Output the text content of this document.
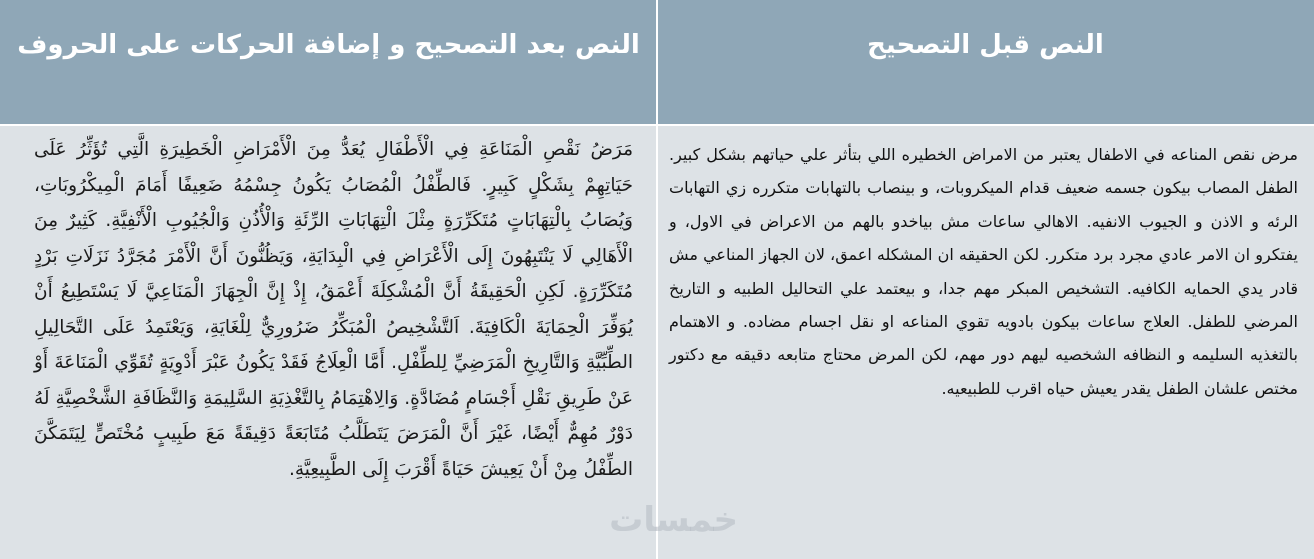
النص بعد التصحيح و إضافة الحركات على الحروف
مَرَضُ نَقْصِ الْمَنَاعَةِ فِي الْأَطْفَالِ يُعَدُّ مِنَ الْأَمْرَاضِ الْخَطِيرَةِ الَّتِي تُؤَثِّرُ عَلَى حَيَاتِهِمْ بِشَكْلٍ كَبِيرٍ. فَالطِّفْلُ الْمُصَابُ يَكُونُ جِسْمُهُ ضَعِيفًا أَمَامَ الْمِيكْرُوبَاتِ، وَيُصَابُ بِالْتِهَابَاتٍ مُتَكَرِّرَةٍ مِثْلَ الْتِهَابَاتِ الرِّئَةِ وَالْأُذُنِ وَالْجُيُوبِ الْأَنْفِيَّةِ. كَثِيرٌ مِنَ الْأَهَالِي لَا يَنْتَبِهُونَ إِلَى الْأَعْرَاضِ فِي الْبِدَايَةِ، وَيَظُنُّونَ أَنَّ الْأَمْرَ مُجَرَّدُ نَزَلَاتِ بَرْدٍ مُتَكَرِّرَةٍ. لَكِنِ الْحَقِيقَةُ أَنَّ الْمُشْكِلَةَ أَعْمَقُ، إِذْ إِنَّ الْجِهَازَ الْمَنَاعِيَّ لَا يَسْتَطِيعُ أَنْ يُوَفِّرَ الْحِمَايَةَ الْكَافِيَةَ. اَلتَّشْخِيصُ الْمُبَكِّرُ ضَرُورِيٌّ لِلْغَايَةِ، وَيَعْتَمِدُ عَلَى التَّحَالِيلِ الطِّبِّيَّةِ وَالتَّارِيخِ الْمَرَضِيِّ لِلطِّفْلِ. أَمَّا الْعِلَاجُ فَقَدْ يَكُونُ عَبْرَ أَدْوِيَةٍ تُقَوِّي الْمَنَاعَةَ أَوْ عَنْ طَرِيقِ نَقْلِ أَجْسَامٍ مُضَادَّةٍ. وَالِاهْتِمَامُ بِالتَّغْذِيَةِ السَّلِيمَةِ وَالنَّظَافَةِ الشَّخْصِيَّةِ لَهُ دَوْرٌ مُهِمٌّ أَيْضًا، غَيْرَ أَنَّ الْمَرَضَ يَتَطَلَّبُ مُتَابَعَةً دَقِيقَةً مَعَ طَبِيبٍ مُخْتَصٍّ لِيَتَمَكَّنَ الطِّفْلُ مِنْ أَنْ يَعِيشَ حَيَاةً أَقْرَبَ إِلَى الطَّبِيعِيَّةِ.
النص قبل التصحيح
مرض نقص المناعه في الاطفال يعتبر من الامراض الخطيره اللي بتأثر علي حياتهم بشكل كبير. الطفل المصاب بيكون جسمه ضعيف قدام الميكروبات، و بينصاب بالتهابات متكرره زي التهابات الرئه و الاذن و الجيوب الانفيه. الاهالي ساعات مش بياخدو بالهم من الاعراض في الاول، و يفتكرو ان الامر عادي مجرد برد متكرر. لكن الحقيقه ان المشكله اعمق، لان الجهاز المناعي مش قادر يدي الحمايه الكافيه. التشخيص المبكر مهم جدا، و بيعتمد علي التحاليل الطبيه و التاريخ المرضي للطفل. العلاج ساعات بيكون بادويه تقوي المناعه او نقل اجسام مضاده. و الاهتمام بالتغذيه السليمه و النظافه الشخصيه ليهم دور مهم، لكن المرض محتاج متابعه دقيقه مع دكتور مختص علشان الطفل يقدر يعيش حياه اقرب للطبيعيه.
خمسات
